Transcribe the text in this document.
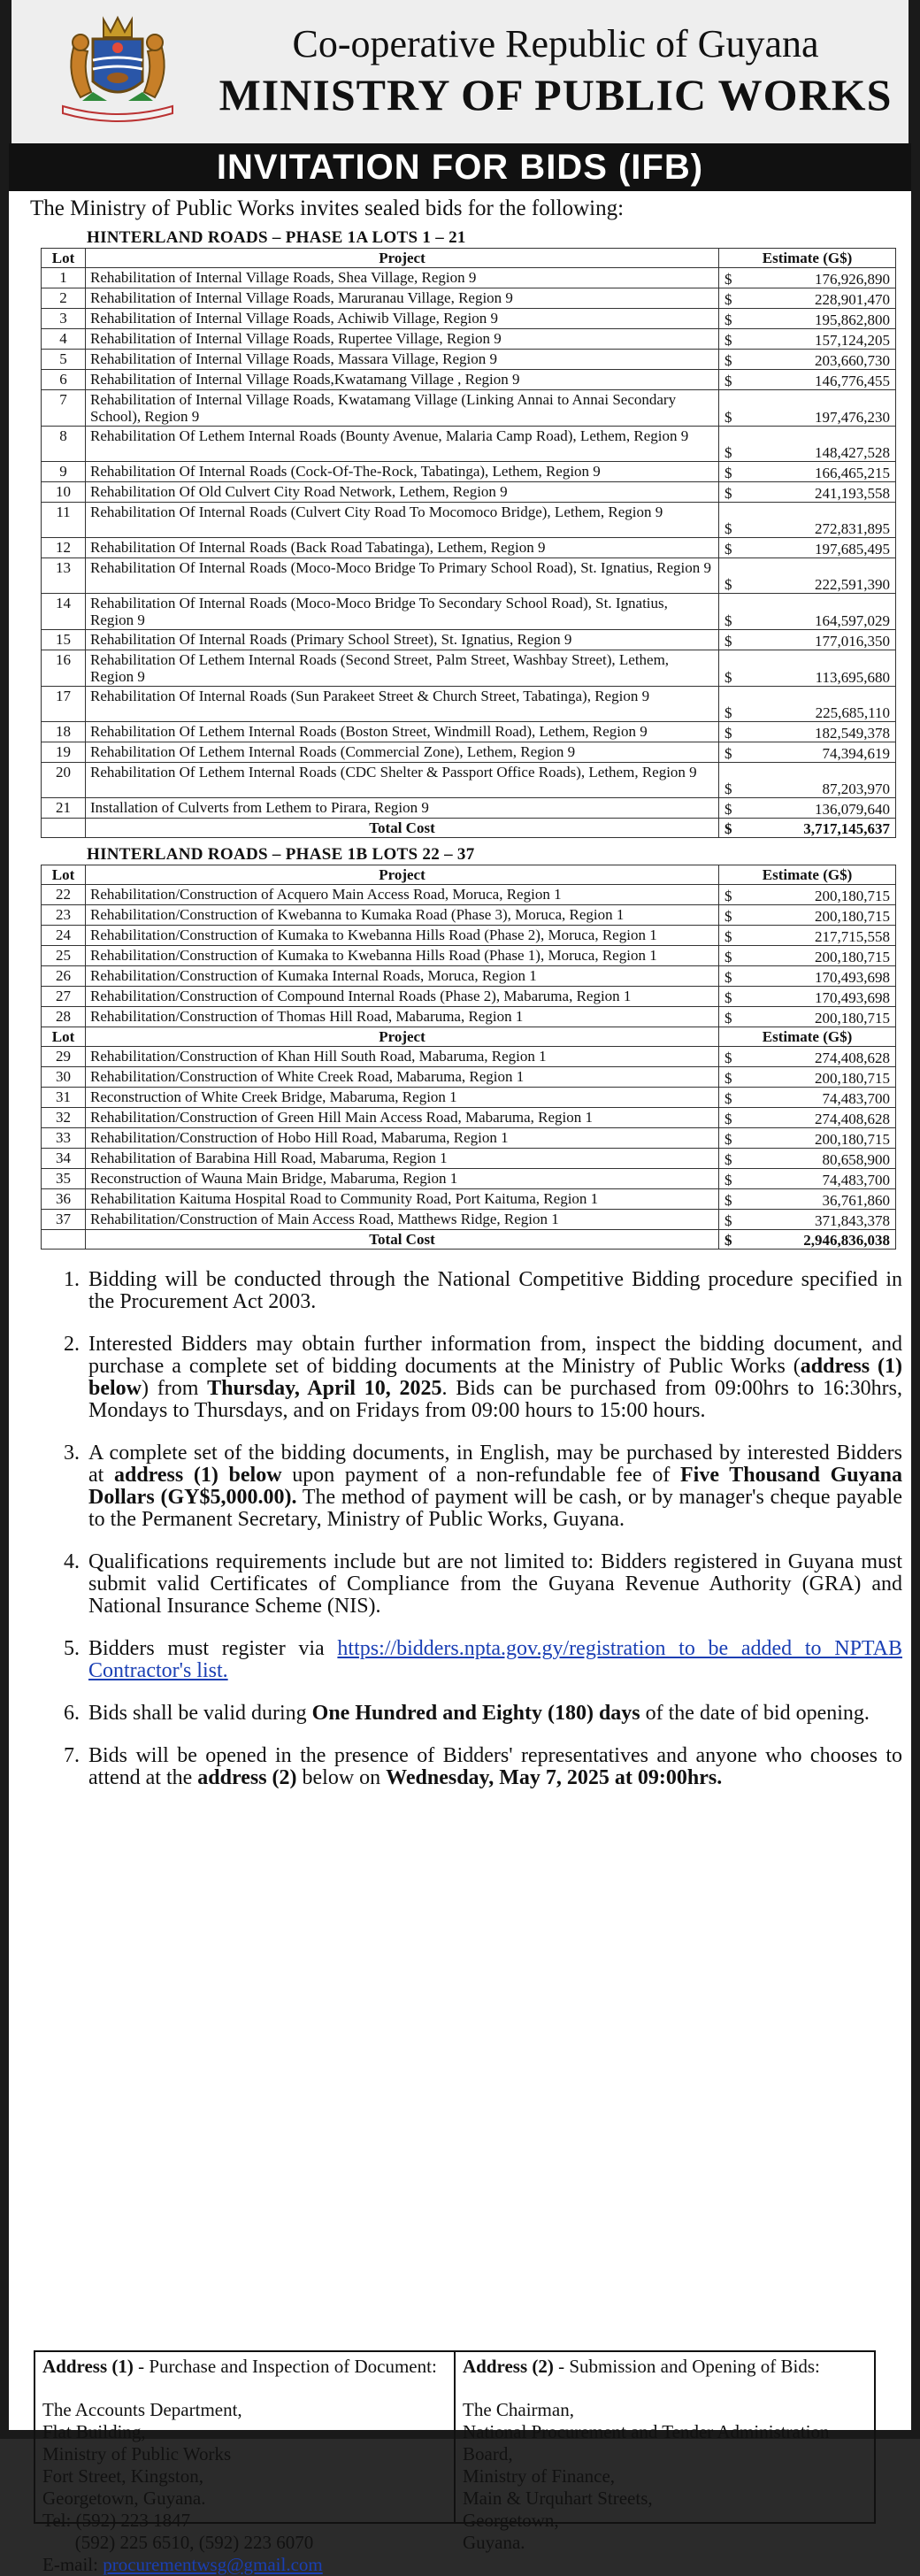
Co-operative Republic of Guyana
MINISTRY OF PUBLIC WORKS
INVITATION FOR BIDS (IFB)
The Ministry of Public Works invites sealed bids for the following:
HINTERLAND ROADS – PHASE 1A LOTS 1 – 21
Lot	Project	Estimate (G$)
1	Rehabilitation of Internal Village Roads, Shea Village, Region 9	$ 176,926,890

2	Rehabilitation of Internal Village Roads, Maruranau Village, Region 9	$ 228,901,470

3	Rehabilitation of Internal Village Roads, Achiwib Village, Region 9	$ 195,862,800

4	Rehabilitation of Internal Village Roads, Rupertee Village, Region 9	$ 157,124,205

5	Rehabilitation of Internal Village Roads, Massara Village, Region 9	$ 203,660,730

6	Rehabilitation of Internal Village Roads,Kwatamang Village , Region 9	$ 146,776,455

7	Rehabilitation of Internal Village Roads, Kwatamang Village (Linking Annai to Annai Secondary School), Region 9	$ 197,476,230

8	Rehabilitation Of Lethem Internal Roads (Bounty Avenue, Malaria Camp Road), Lethem, Region 9	$ 148,427,528

9	Rehabilitation Of Internal Roads (Cock-Of-The-Rock, Tabatinga), Lethem, Region 9	$ 166,465,215

10	Rehabilitation Of Old Culvert City Road Network, Lethem, Region 9	$ 241,193,558

11	Rehabilitation Of Internal Roads (Culvert City Road To Mocomoco Bridge), Lethem, Region 9	$ 272,831,895

12	Rehabilitation Of Internal Roads (Back Road Tabatinga), Lethem, Region 9	$ 197,685,495

13	Rehabilitation Of Internal Roads (Moco-Moco Bridge To Primary School Road), St. Ignatius, Region 9	$ 222,591,390

14	Rehabilitation Of Internal Roads (Moco-Moco Bridge To Secondary School Road), St. Ignatius, Region 9	$ 164,597,029

15	Rehabilitation Of Internal Roads (Primary School Street), St. Ignatius, Region 9	$ 177,016,350

16	Rehabilitation Of Lethem Internal Roads (Second Street, Palm Street, Washbay Street), Lethem, Region 9	$ 113,695,680

17	Rehabilitation Of Internal Roads (Sun Parakeet Street & Church Street, Tabatinga), Region 9	$ 225,685,110

18	Rehabilitation Of Lethem Internal Roads (Boston Street, Windmill Road), Lethem, Region 9	$ 182,549,378

19	Rehabilitation Of Lethem Internal Roads (Commercial Zone), Lethem, Region 9	$ 74,394,619

20	Rehabilitation Of Lethem Internal Roads (CDC Shelter & Passport Office Roads), Lethem, Region 9	$ 87,203,970

21	Installation of Culverts from Lethem to Pirara, Region 9	$ 136,079,640

	Total Cost	$ 3,717,145,637
HINTERLAND ROADS – PHASE 1B LOTS 22 – 37
Lot	Project	Estimate (G$)
22	Rehabilitation/Construction of Acquero Main Access Road, Moruca, Region 1	$ 200,180,715

23	Rehabilitation/Construction of Kwebanna to Kumaka Road (Phase 3), Moruca, Region 1	$ 200,180,715

24	Rehabilitation/Construction of Kumaka to Kwebanna Hills Road (Phase 2), Moruca, Region 1	$ 217,715,558

25	Rehabilitation/Construction of Kumaka to Kwebanna Hills Road (Phase 1), Moruca, Region 1	$ 200,180,715

26	Rehabilitation/Construction of Kumaka Internal Roads, Moruca, Region 1	$ 170,493,698

27	Rehabilitation/Construction of Compound Internal Roads (Phase 2), Mabaruma, Region 1	$ 170,493,698

28	Rehabilitation/Construction of Thomas Hill Road, Mabaruma, Region 1	$ 200,180,715

Lot	Project	Estimate (G$)
29	Rehabilitation/Construction of Khan Hill South Road, Mabaruma, Region 1	$ 274,408,628

30	Rehabilitation/Construction of White Creek Road, Mabaruma, Region 1	$ 200,180,715

31	Reconstruction of White Creek Bridge, Mabaruma, Region 1	$ 74,483,700

32	Rehabilitation/Construction of Green Hill Main Access Road, Mabaruma, Region 1	$ 274,408,628

33	Rehabilitation/Construction of Hobo Hill Road, Mabaruma, Region 1	$ 200,180,715

34	Rehabilitation of Barabina Hill Road, Mabaruma, Region 1	$ 80,658,900

35	Reconstruction of Wauna Main Bridge, Mabaruma, Region 1	$ 74,483,700

36	Rehabilitation Kaituma Hospital Road to Community Road, Port Kaituma, Region 1	$ 36,761,860

37	Rehabilitation/Construction of Main Access Road, Matthews Ridge, Region 1	$ 371,843,378

	Total Cost	$ 2,946,836,038
1. Bidding will be conducted through the National Competitive Bidding procedure specified in the Procurement Act 2003.
2. Interested Bidders may obtain further information from, inspect the bidding document, and purchase a complete set of bidding documents at the Ministry of Public Works (address (1) below) from Thursday, April 10, 2025. Bids can be purchased from 09:00hrs to 16:30hrs, Mondays to Thursdays, and on Fridays from 09:00 hours to 15:00 hours.
3. A complete set of the bidding documents, in English, may be purchased by interested Bidders at address (1) below upon payment of a non-refundable fee of Five Thousand Guyana Dollars (GY$5,000.00). The method of payment will be cash, or by manager's cheque payable to the Permanent Secretary, Ministry of Public Works, Guyana.
4. Qualifications requirements include but are not limited to: Bidders registered in Guyana must submit valid Certificates of Compliance from the Guyana Revenue Authority (GRA) and National Insurance Scheme (NIS).
5. Bidders must register via https://bidders.npta.gov.gy/registration to be added to NPTAB Contractor's list.
6. Bids shall be valid during One Hundred and Eighty (180) days of the date of bid opening.
7. Bids will be opened in the presence of Bidders' representatives and anyone who chooses to attend at the address (2) below on Wednesday, May 7, 2025 at 09:00hrs.
Address (1) - Purchase and Inspection of Document:
The Accounts Department,
Flat Building,
Ministry of Public Works
Fort Street, Kingston,
Georgetown, Guyana.
Tel: (592) 223 1847
(592) 225 6510, (592) 223 6070
E-mail: procurementwsg@gmail.com
Address (2) - Submission and Opening of Bids:
The Chairman,
National Procurement and Tender Administration Board,
Ministry of Finance,
Main & Urquhart Streets,
Georgetown,
Guyana.
